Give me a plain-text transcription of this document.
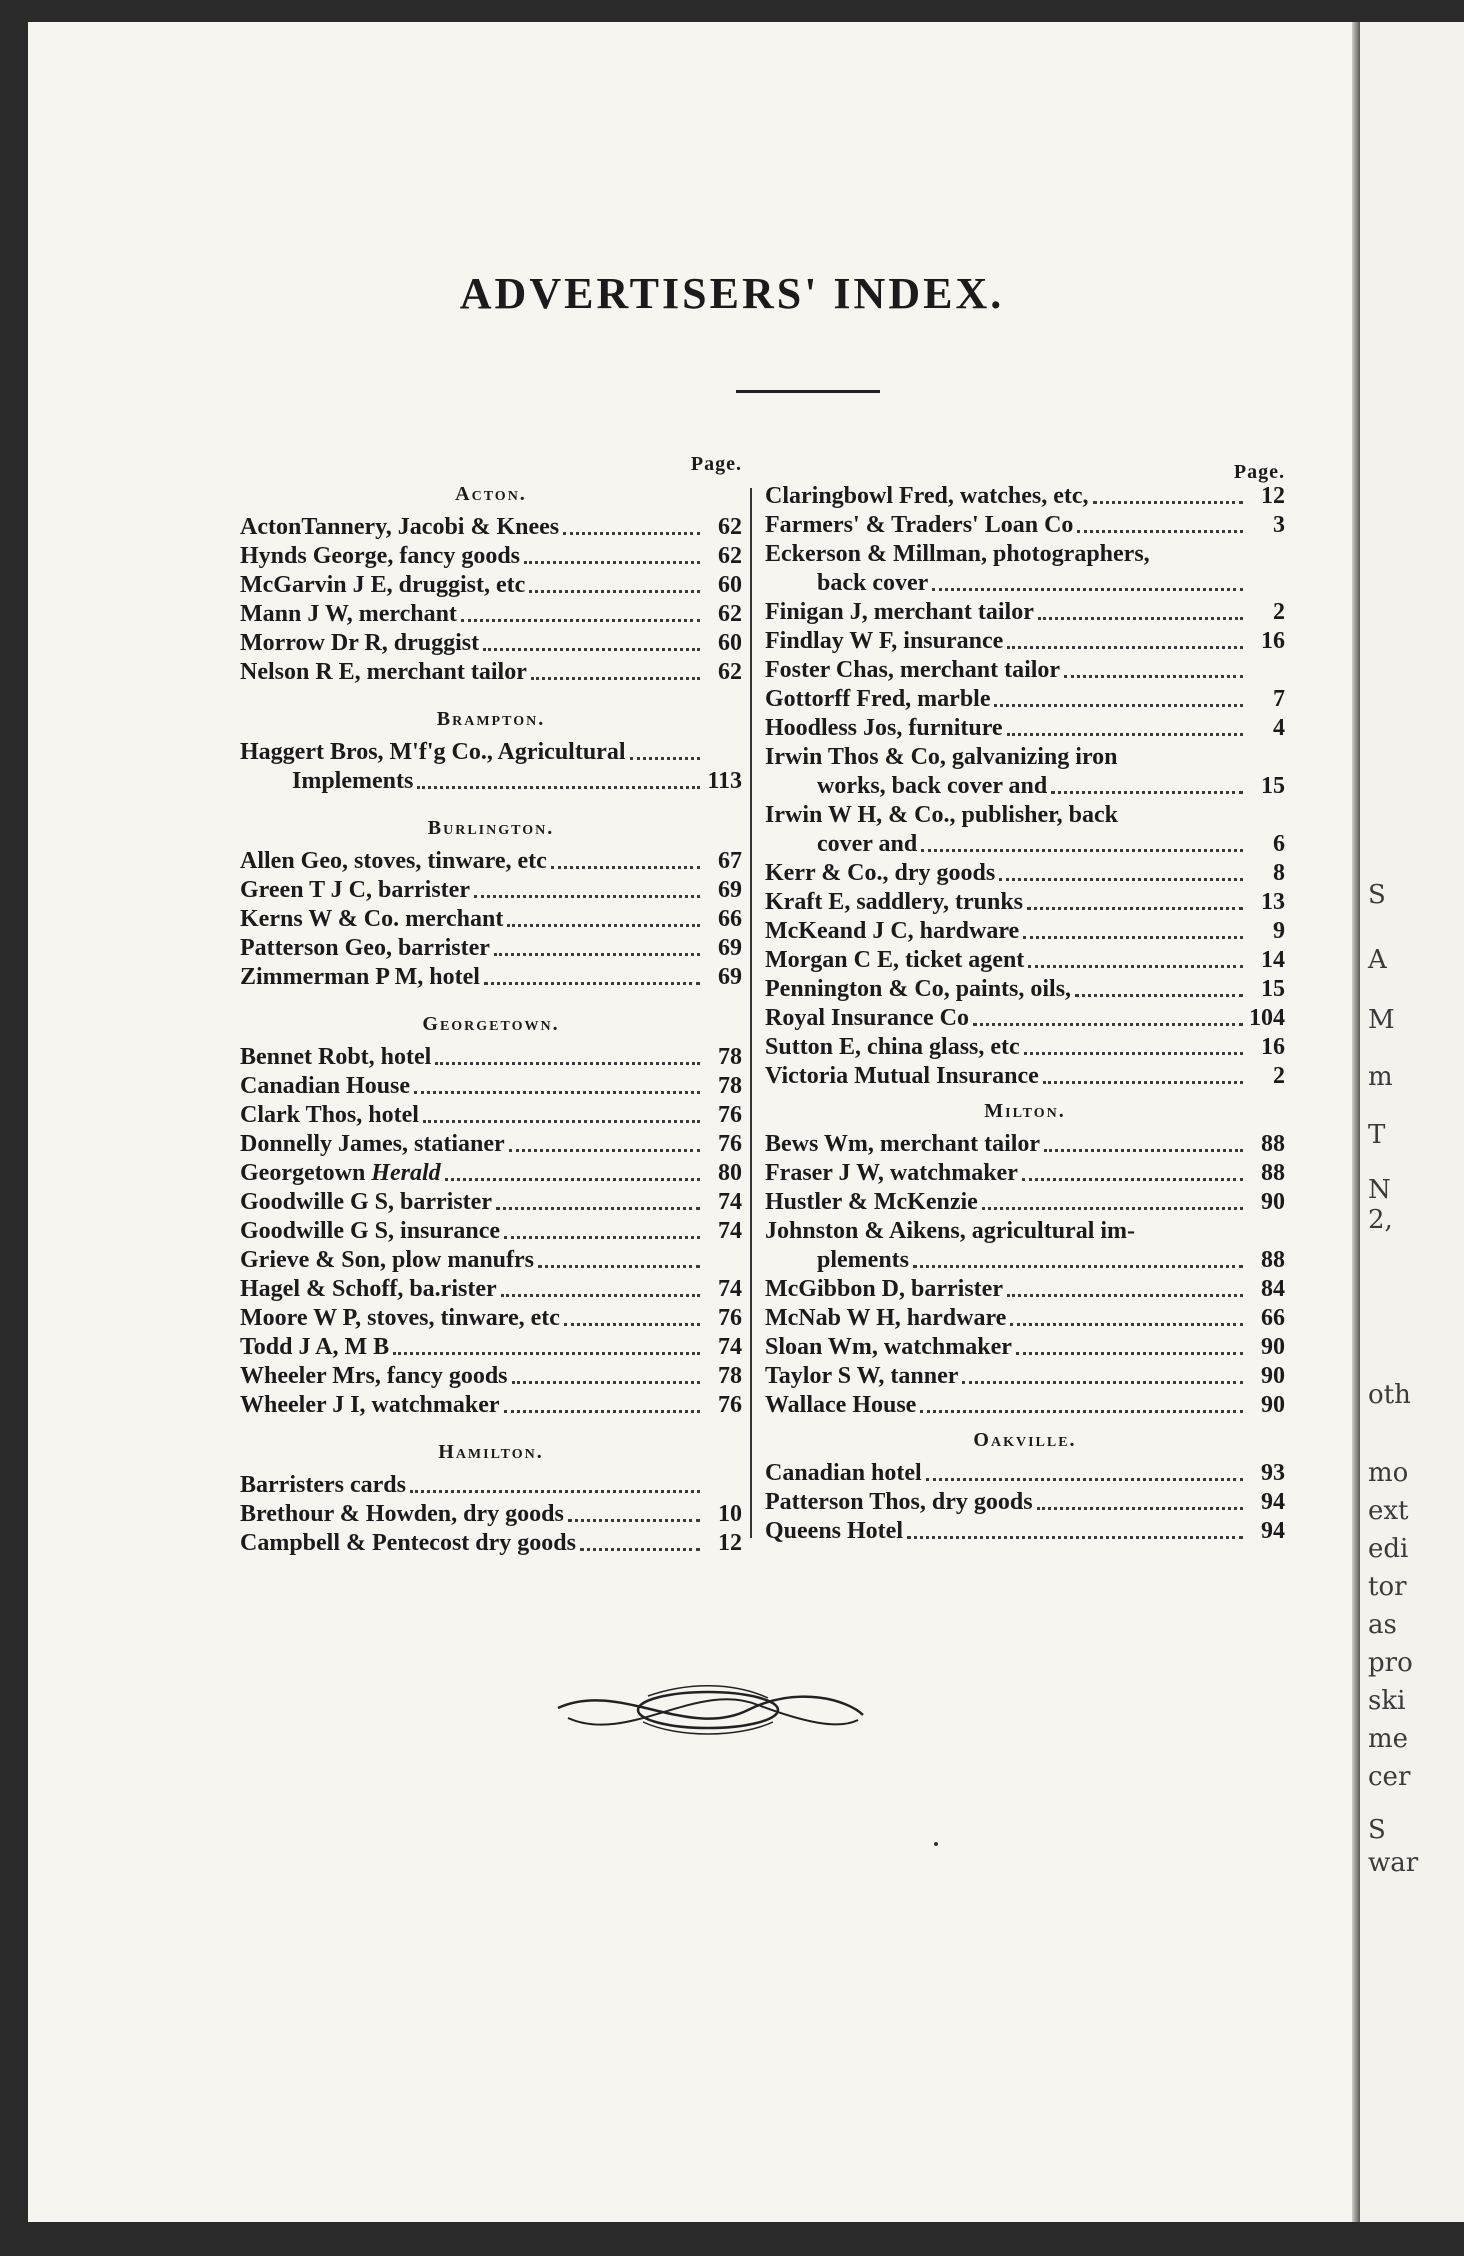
S
A
M
m
T
N
2,
oth
mo
ext
edi
tor
as
pro
ski
me
cer
S
war
ADVERTISERS' INDEX.
Page.
Acton.
ActonTannery, Jacobi & Knees	62
Hynds George, fancy goods	62
McGarvin J E, druggist, etc	60
Mann J W, merchant	62
Morrow Dr R, druggist	60
Nelson R E, merchant tailor	62
Brampton.
Haggert Bros, M'f'g Co., Agricultural
Implements	113
Burlington.
Allen Geo, stoves, tinware, etc	67
Green T J C, barrister	69
Kerns W & Co. merchant	66
Patterson Geo, barrister	69
Zimmerman P M, hotel	69
Georgetown.
Bennet Robt, hotel	78
Canadian House	78
Clark Thos, hotel	76
Donnelly James, statianer	76
Georgetown Herald	80
Goodwille G S, barrister	74
Goodwille G S, insurance	74
Grieve & Son, plow manufrs
Hagel & Schoff, ba.rister	74
Moore W P, stoves, tinware, etc	76
Todd J A, M B	74
Wheeler Mrs, fancy goods	78
Wheeler J I, watchmaker	76
Hamilton.
Barristers cards
Brethour & Howden, dry goods	10
Campbell & Pentecost dry goods	12
Page.
Claringbowl Fred, watches, etc,	12
Farmers' & Traders' Loan Co	3
Eckerson & Millman, photographers,
back cover
Finigan J, merchant tailor	2
Findlay W F, insurance	16
Foster Chas, merchant tailor
Gottorff Fred, marble	7
Hoodless Jos, furniture	4
Irwin Thos & Co, galvanizing iron
works, back cover and	15
Irwin W H, & Co., publisher, back
cover and	6
Kerr & Co., dry goods	8
Kraft E, saddlery, trunks	13
McKeand J C, hardware	9
Morgan C E, ticket agent	14
Pennington & Co, paints, oils,	15
Royal Insurance Co	104
Sutton E, china glass, etc	16
Victoria Mutual Insurance	2
Milton.
Bews Wm, merchant tailor	88
Fraser J W, watchmaker	88
Hustler & McKenzie	90
Johnston & Aikens, agricultural im-
plements	88
McGibbon D, barrister	84
McNab W H, hardware	66
Sloan Wm, watchmaker	90
Taylor S W, tanner	90
Wallace House	90
Oakville.
Canadian hotel	93
Patterson Thos, dry goods	94
Queens Hotel	94
